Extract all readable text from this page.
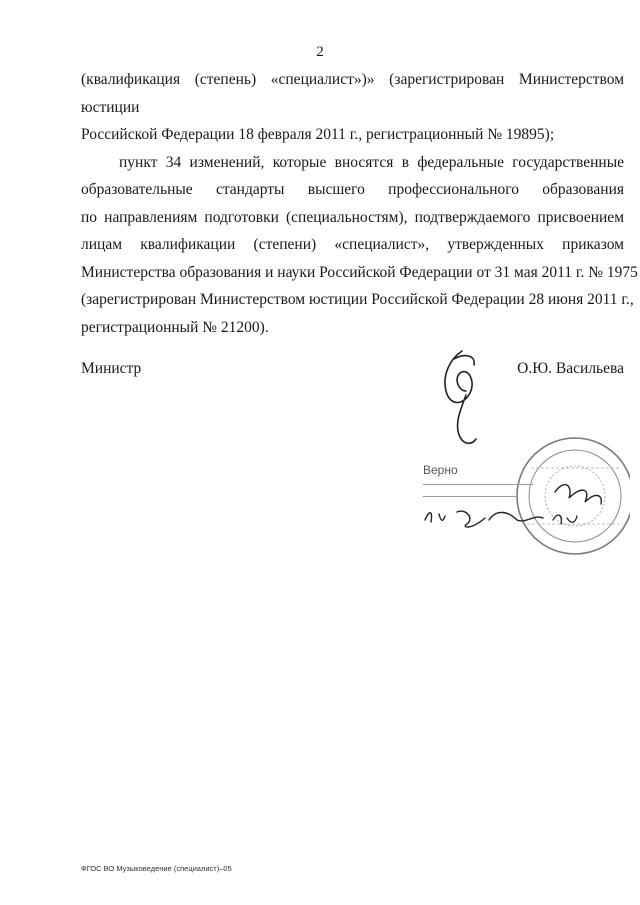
2
(квалификация (степень) «специалист»)» (зарегистрирован Министерством юстиции
Российской Федерации 18 февраля 2011 г., регистрационный № 19895);
пункт 34 изменений, которые вносятся в федеральные государственные
образовательные стандарты высшего профессионального образования
по направлениям подготовки (специальностям), подтверждаемого присвоением
лицам квалификации (степени) «специалист», утвержденных приказом
Министерства образования и науки Российской Федерации от 31 мая 2011 г. № 1975
(зарегистрирован Министерством юстиции Российской Федерации 28 июня 2011 г.,
регистрационный № 21200).
Министр	О.Ю. Васильева
Верно
ФГОС ВО Музыковедение (специалист)–05
